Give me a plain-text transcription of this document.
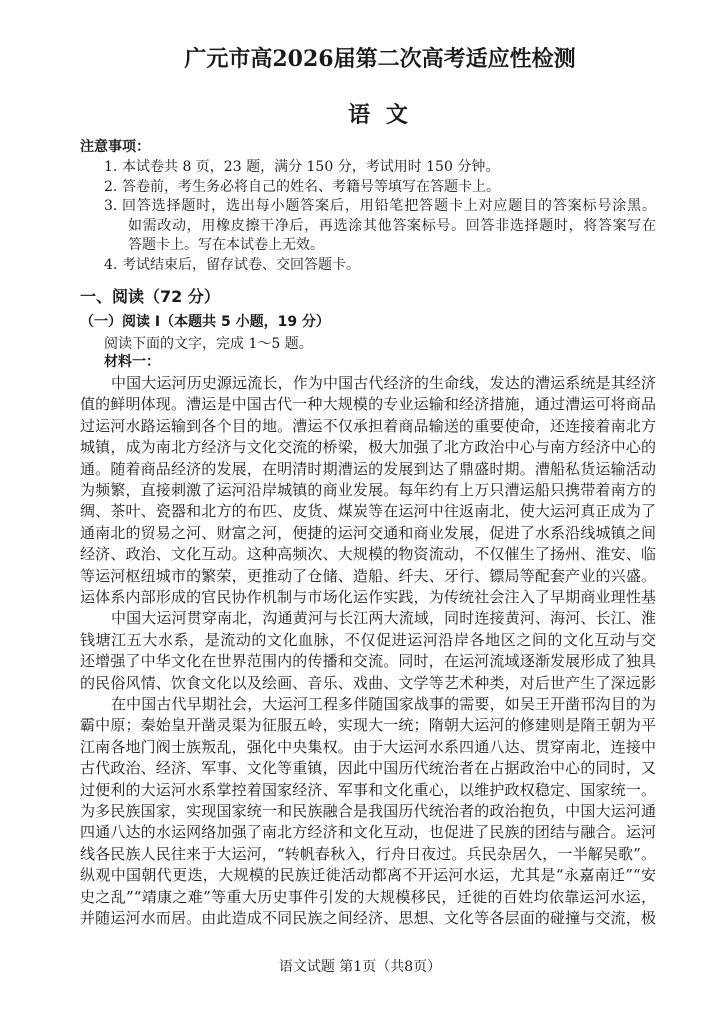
广元市高2026届第二次高考适应性检测
语 文
注意事项：
1. 本试卷共 8 页，23 题，满分 150 分，考试用时 150 分钟。
2. 答卷前，考生务必将自己的姓名、考籍号等填写在答题卡上。
3. 回答选择题时，选出每小题答案后，用铅笔把答题卡上对应题目的答案标号涂黑。
如需改动，用橡皮擦干净后，再选涂其他答案标号。回答非选择题时，将答案写在
答题卡上。写在本试卷上无效。
4. 考试结束后，留存试卷、交回答题卡。
一、阅读（72 分）
（一）阅读 I（本题共 5 小题，19 分）
阅读下面的文字，完成 1～5 题。
材料一：
中国大运河历史源远流长，作为中国古代经济的生命线，发达的漕运系统是其经济
值的鲜明体现。漕运是中国古代一种大规模的专业运输和经济措施，通过漕运可将商品
过运河水路运输到各个目的地。漕运不仅承担着商品输送的重要使命，还连接着南北方
城镇，成为南北方经济与文化交流的桥梁，极大加强了北方政治中心与南方经济中心的
通。随着商品经济的发展，在明清时期漕运的发展到达了鼎盛时期。漕船私货运输活动
为频繁，直接刺激了运河沿岸城镇的商业发展。每年约有上万只漕运船只携带着南方的
绸、茶叶、瓷器和北方的布匹、皮货、煤炭等在运河中往返南北，使大运河真正成为了
通南北的贸易之河、财富之河，便捷的运河交通和商业发展，促进了水系沿线城镇之间
经济、政治、文化互动。这种高频次、大规模的物资流动，不仅催生了扬州、淮安、临
等运河枢纽城市的繁荣，更推动了仓储、造船、纤夫、牙行、镖局等配套产业的兴盛。
运体系内部形成的官民协作机制与市场化运作实践，为传统社会注入了早期商业理性基
中国大运河贯穿南北，沟通黄河与长江两大流域，同时连接黄河、海河、长江、淮
钱塘江五大水系，是流动的文化血脉，不仅促进运河沿岸各地区之间的文化互动与交
还增强了中华文化在世界范围内的传播和交流。同时，在运河流域逐渐发展形成了独具
的民俗风情、饮食文化以及绘画、音乐、戏曲、文学等艺术种类，对后世产生了深远影
在中国古代早期社会，大运河工程多伴随国家战事的需要，如吴王开凿邗沟目的为
霸中原；秦始皇开凿灵渠为征服五岭，实现大一统；隋朝大运河的修建则是隋王朝为平
江南各地门阀士族叛乱，强化中央集权。由于大运河水系四通八达、贯穿南北，连接中
古代政治、经济、军事、文化等重镇，因此中国历代统治者在占据政治中心的同时，又
过便利的大运河水系掌控着国家经济、军事和文化重心，以维护政权稳定、国家统一。
为多民族国家，实现国家统一和民族融合是我国历代统治者的政治抱负，中国大运河通
四通八达的水运网络加强了南北方经济和文化互动，也促进了民族的团结与融合。运河
线各民族人民往来于大运河，“转帆春秋入，行舟日夜过。兵民杂居久，一半解吴歌”。
纵观中国朝代更迭，大规模的民族迁徙活动都离不开运河水运，尤其是“永嘉南迁”“安
史之乱”“靖康之难”等重大历史事件引发的大规模移民，迁徙的百姓均依靠运河水运，
并随运河水而居。由此造成不同民族之间经济、思想、文化等各层面的碰撞与交流，极
语文试题 第1页（共8页）
